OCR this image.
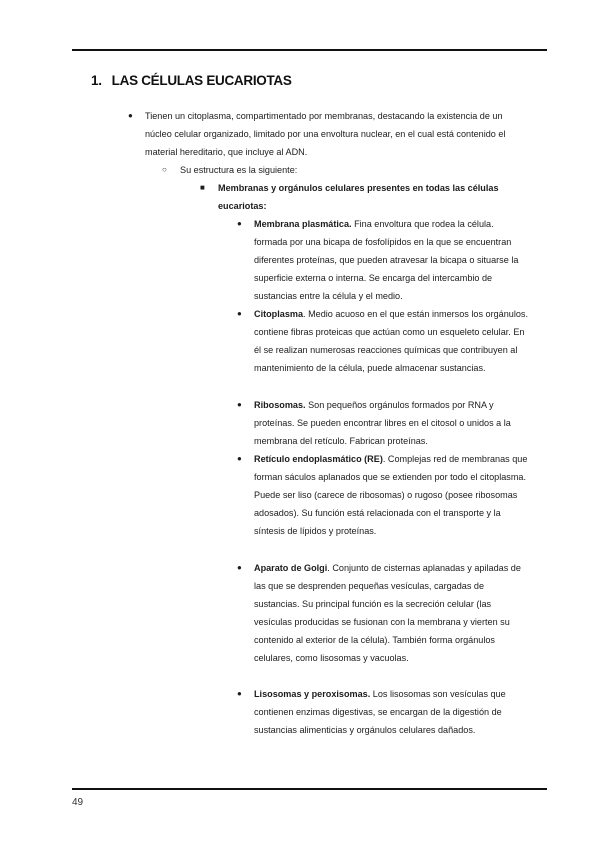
1. LAS CÉLULAS EUCARIOTAS
● Tienen un citoplasma, compartimentado por membranas, destacando la existencia de un núcleo celular organizado, limitado por una envoltura nuclear, en el cual está contenido el material hereditario, que incluye al ADN.
○ Su estructura es la siguiente:
■ Membranas y orgánulos celulares presentes en todas las células eucariotas:
● Membrana plasmática. Fina envoltura que rodea la célula. formada por una bicapa de fosfolípidos en la que se encuentran diferentes proteínas, que pueden atravesar la bicapa o situarse la superficie externa o interna. Se encarga del intercambio de sustancias entre la célula y el medio.
● Citoplasma. Medio acuoso en el que están inmersos los orgánulos. contiene fibras proteicas que actúan como un esqueleto celular. En él se realizan numerosas reacciones químicas que contribuyen al mantenimiento de la célula, puede almacenar sustancias.
● Ribosomas. Son pequeños orgánulos formados por RNA y proteínas. Se pueden encontrar libres en el citosol o unidos a la membrana del retículo. Fabrican proteínas.
● Retículo endoplasmático (RE). Complejas red de membranas que forman sáculos aplanados que se extienden por todo el citoplasma. Puede ser liso (carece de ribosomas) o rugoso (posee ribosomas adosados). Su función está relacionada con el transporte y la síntesis de lípidos y proteínas.
● Aparato de Golgi. Conjunto de cisternas aplanadas y apiladas de las que se desprenden pequeñas vesículas, cargadas de sustancias. Su principal función es la secreción celular (las vesículas producidas se fusionan con la membrana y vierten su contenido al exterior de la célula). También forma orgánulos celulares, como lisosomas y vacuolas.
● Lisosomas y peroxisomas. Los lisosomas son vesículas que contienen enzimas digestivas, se encargan de la digestión de sustancias alimenticias y orgánulos celulares dañados.
49
